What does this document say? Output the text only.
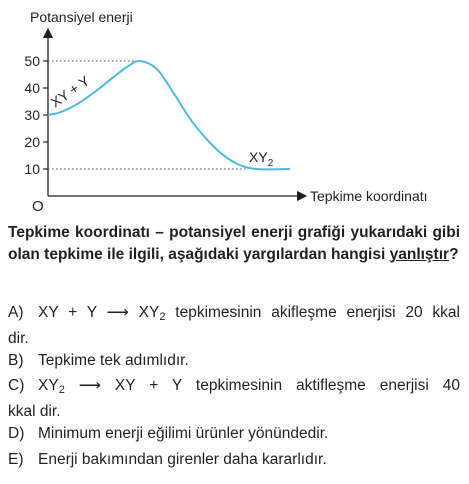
Potansiyel enerji
Tepkime koordinatı
O
10
20
30
40
50
XY + Y
$XY_2$
Tepkime koordinatı – potansiyel enerji grafiği yukarıdaki gibi olan tepkime ile ilgili, aşağıdaki yargılardan hangisi yanlıştır?
A) XY + Y ⟶ $XY_2$ tepkimesinin akifleşme enerjisi 20 kkal
dir.
B) Tepkime tek adımlıdır.
C) $XY_2$ ⟶ XY + Y tepkimesinin aktifleşme enerjisi 40
kkal dir.
D) Minimum enerji eğilimi ürünler yönündedir.
E) Enerji bakımından girenler daha kararlıdır.
